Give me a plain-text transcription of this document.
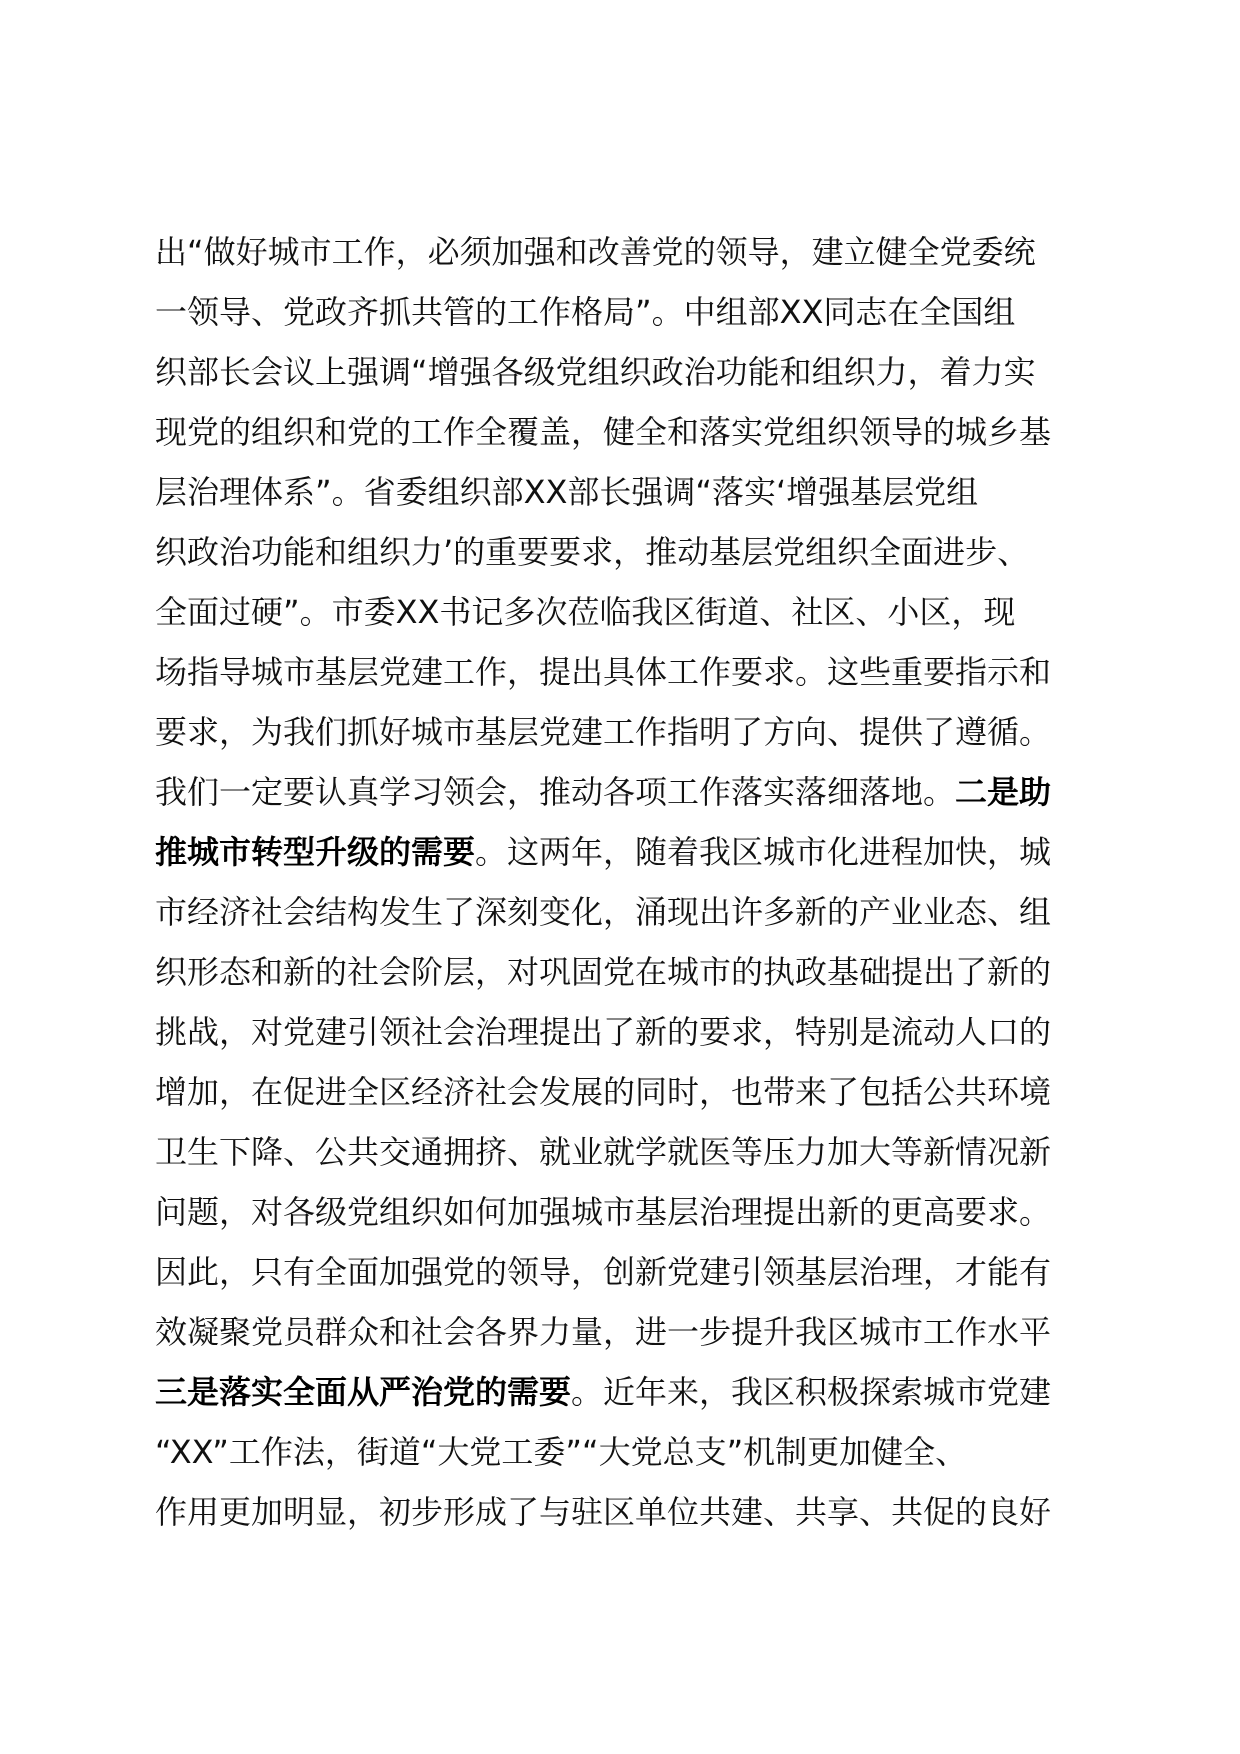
出“做好城市工作，必须加强和改善党的领导，建立健全党委统
一领导、党政齐抓共管的工作格局”。中组部XX同志在全国组
织部长会议上强调“增强各级党组织政治功能和组织力，着力实
现党的组织和党的工作全覆盖，健全和落实党组织领导的城乡基
层治理体系”。省委组织部XX部长强调“落实‘增强基层党组
织政治功能和组织力’的重要要求，推动基层党组织全面进步、
全面过硬”。市委XX书记多次莅临我区街道、社区、小区，现
场指导城市基层党建工作，提出具体工作要求。这些重要指示和
要求，为我们抓好城市基层党建工作指明了方向、提供了遵循。
我们一定要认真学习领会，推动各项工作落实落细落地。二是助
推城市转型升级的需要。这两年，随着我区城市化进程加快，城
市经济社会结构发生了深刻变化，涌现出许多新的产业业态、组
织形态和新的社会阶层，对巩固党在城市的执政基础提出了新的
挑战，对党建引领社会治理提出了新的要求，特别是流动人口的
增加，在促进全区经济社会发展的同时，也带来了包括公共环境
卫生下降、公共交通拥挤、就业就学就医等压力加大等新情况新
问题，对各级党组织如何加强城市基层治理提出新的更高要求。
因此，只有全面加强党的领导，创新党建引领基层治理，才能有
效凝聚党员群众和社会各界力量，进一步提升我区城市工作水平
三是落实全面从严治党的需要。近年来，我区积极探索城市党建
“XX”工作法，街道“大党工委”“大党总支”机制更加健全、
作用更加明显，初步形成了与驻区单位共建、共享、共促的良好
